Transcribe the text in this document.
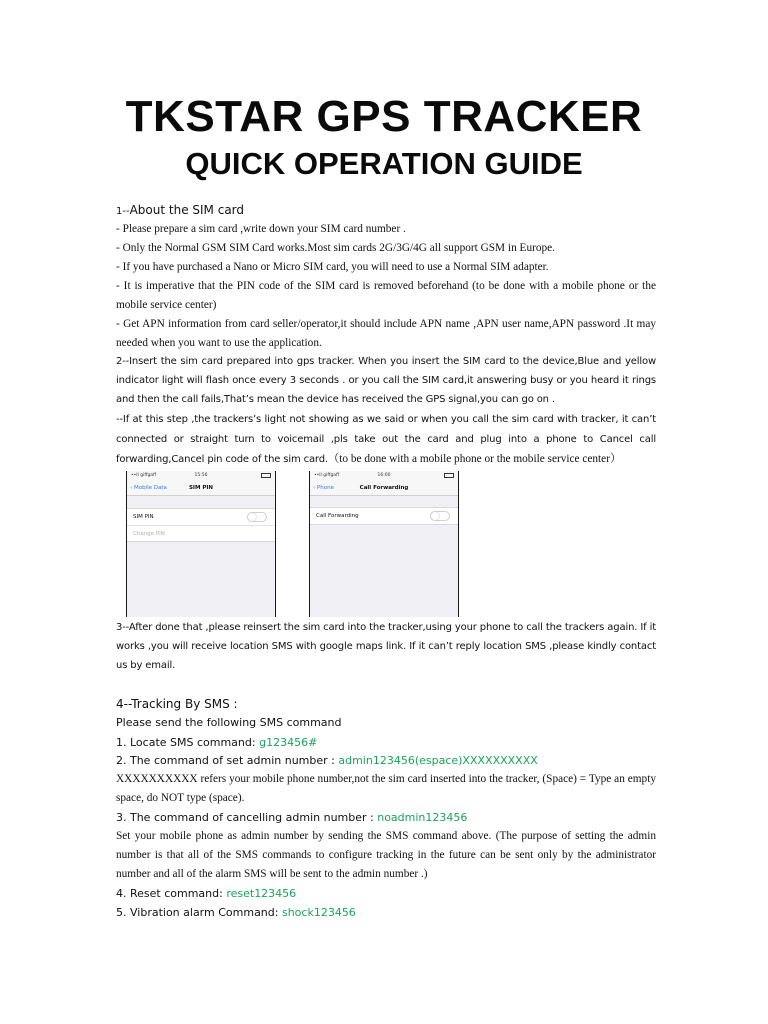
TKSTAR GPS TRACKER
QUICK OPERATION GUIDE
1--About the SIM card
- Please prepare a sim card ,write down your SIM card number .
- Only the Normal GSM SIM Card works.Most sim cards 2G/3G/4G all support GSM in Europe.
- If you have purchased a Nano or Micro SIM card, you will need to use a Normal SIM adapter.
- It is imperative that the PIN code of the SIM card is removed beforehand (to be done with a mobile phone or the mobile service center)
- Get APN information from card seller/operator,it should include APN name ,APN user name,APN password .It may needed when you want to use the application.
2--Insert the sim card prepared into gps tracker. When you insert the SIM card to the device,Blue and yellow indicator light will flash once every 3 seconds . or you call the SIM card,it answering busy or you heard it rings and then the call fails,That’s mean the device has received the GPS signal,you can go on .
--If at this step ,the trackers’s light not showing as we said or when you call the sim card with tracker, it can’t connected or straight turn to voicemail ,pls take out the card and plug into a phone to Cancel call forwarding,Cancel pin code of the sim card.（to be done with a mobile phone or the mobile service center）
••ll giffgaff	15:56
‹ Mobile Data	SIM PIN
SIM PIN
Change PIN
••ll giffgaff	16:00
‹ Phone	Call Forwarding
Call Forwarding
3--After done that ,please reinsert the sim card into the tracker,using your phone to call the trackers again. If it works ,you will receive location SMS with google maps link. If it can’t reply location SMS ,please kindly contact us by email.
4--Tracking By SMS :
Please send the following SMS command
1. Locate SMS command: g123456#
2. The command of set admin number : admin123456(espace)XXXXXXXXXX
XXXXXXXXXX refers your mobile phone number,not the sim card inserted into the tracker, (Space) = Type an empty space, do NOT type (space).
3. The command of cancelling admin number : noadmin123456
Set your mobile phone as admin number by sending the SMS command above. (The purpose of setting the admin number is that all of the SMS commands to configure tracking in the future can be sent only by the administrator number and all of the alarm SMS will be sent to the admin number .)
4. Reset command: reset123456
5. Vibration alarm Command: shock123456
